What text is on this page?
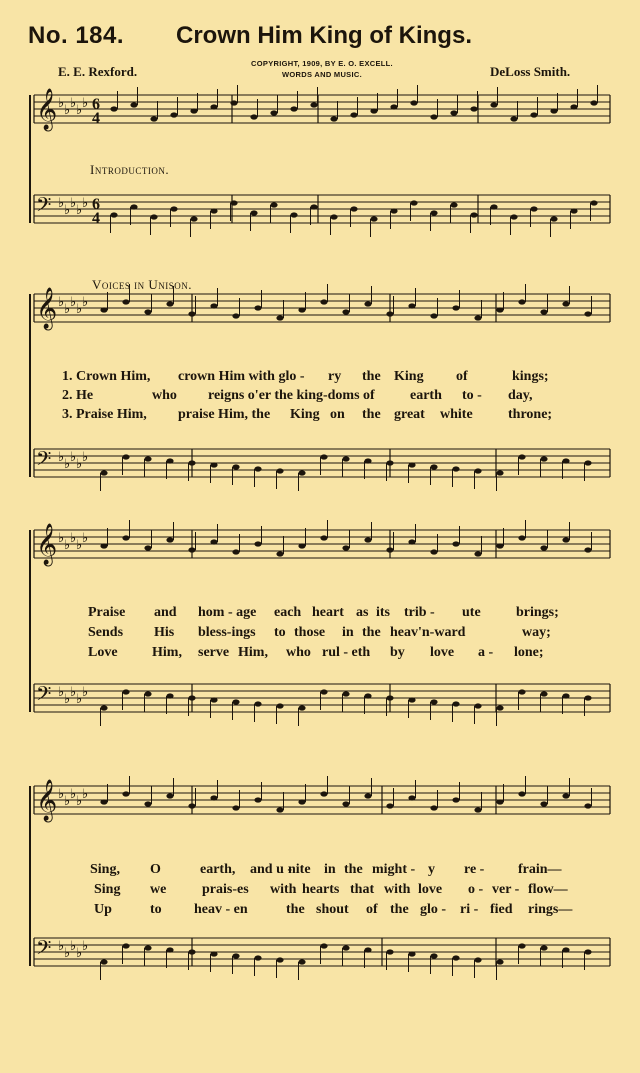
No. 184. Crown Him King of Kings.
E. E. Rexford.
COPYRIGHT, 1909, BY E. O. EXCELL.
WORDS AND MUSIC.	DeLoss Smith.
𝄞 ♭ ♭ ♭ ♭ ♭ 6
4
𝄢 ♭ ♭ ♭ ♭ ♭ 6
4
𝄞 ♭ ♭ ♭ ♭ ♭
𝄢 ♭ ♭ ♭ ♭ ♭
𝄞 ♭ ♭ ♭ ♭ ♭
𝄢 ♭ ♭ ♭ ♭ ♭
𝄞 ♭ ♭ ♭ ♭ ♭
𝄢 ♭ ♭ ♭ ♭ ♭
Introduction.
Voices in Unison.
1. Crown Him, crown Him with glo - ry the King of	kings;
2. He	who reigns o'er the king-doms of	earth to - day,
3. Praise Him, praise Him, the King on the great white	throne;
Praise and hom - age each heart as its trib - ute	brings;
Sends His bless-ings to those in the heav'n-ward	way;
Love Him, serve Him, who rul - eth by love a - lone;
Sing, O	earth, and u -
nite in the might - y re - frain—
Sing we	prais-es with hearts that with love o - ver - flow—
Up	to heav - en	the shout of the glo - ri - fied rings—
